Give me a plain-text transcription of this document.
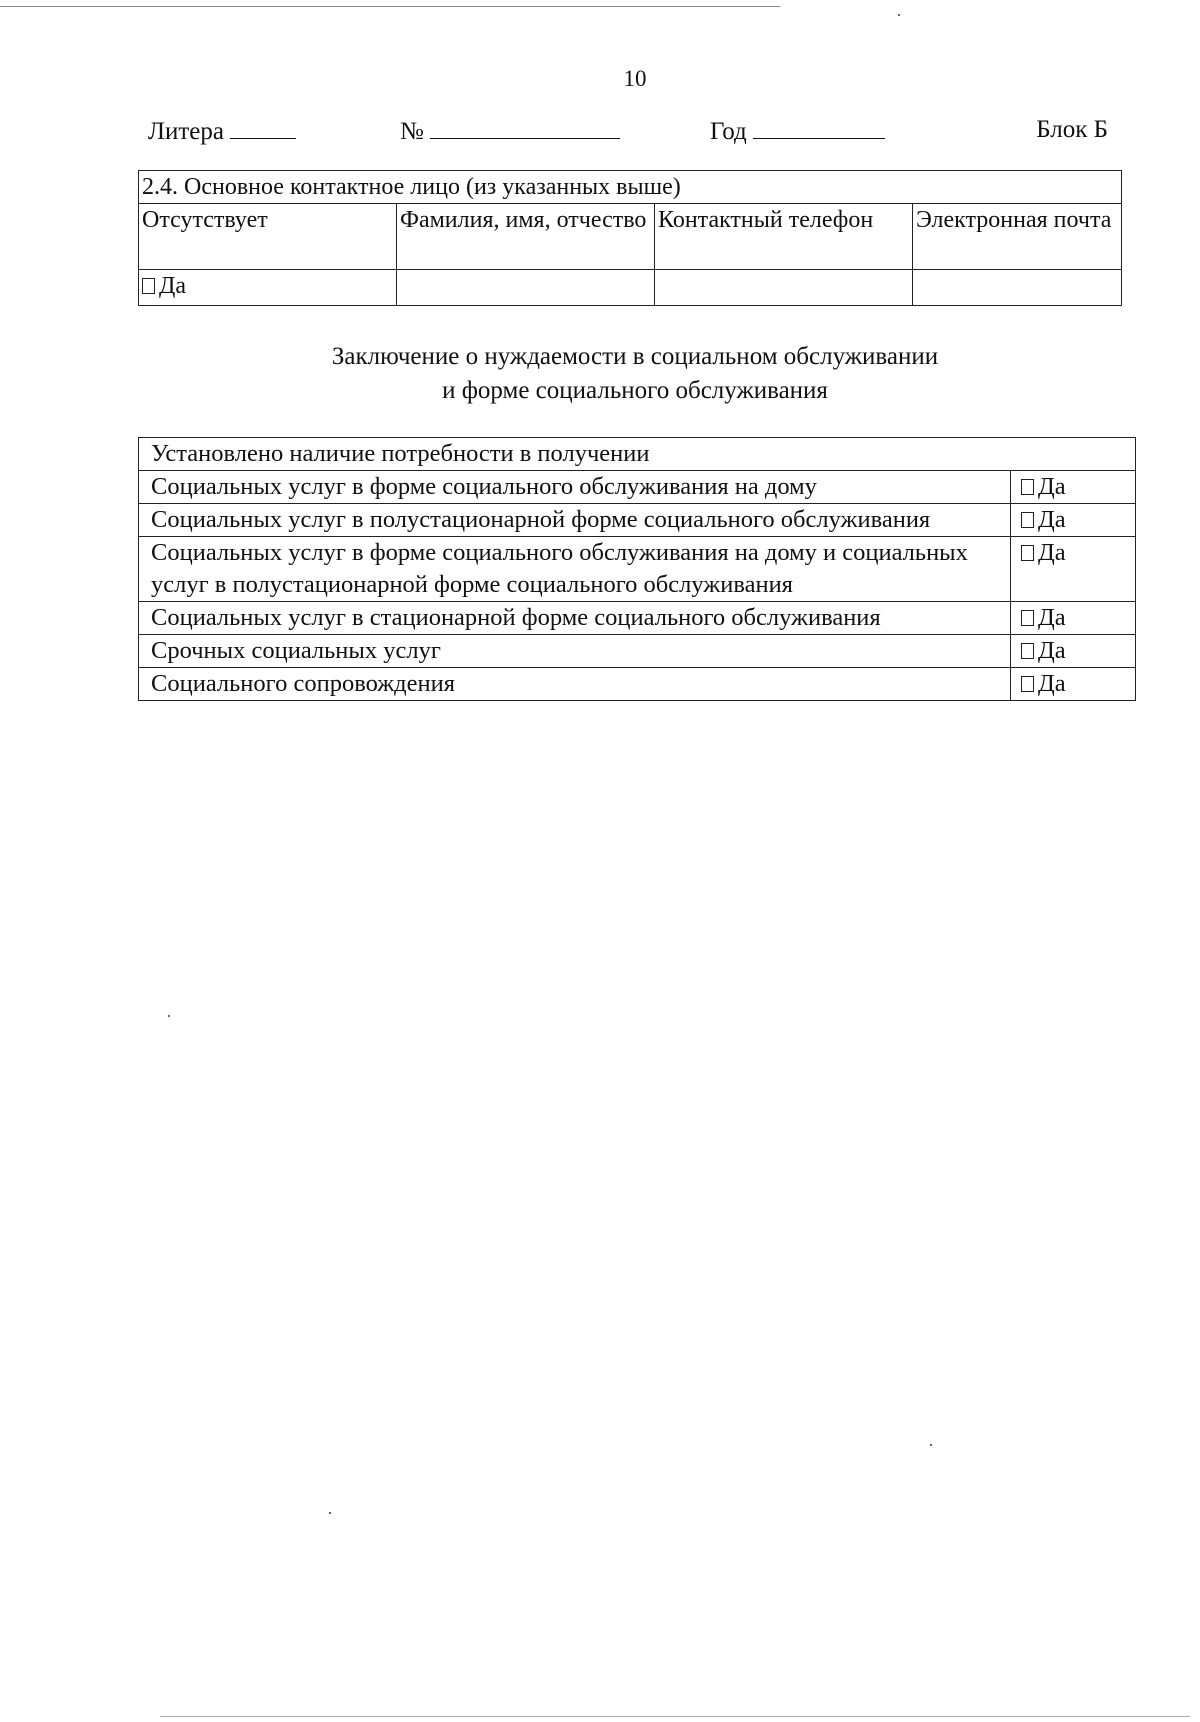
10
Литера	№	Год	Блок Б
2.4. Основное контактное лицо (из указанных выше)			
Отсутствует	Фамилия, имя, отчество	Контактный телефон	Электронная почта
Да			
Заключение о нуждаемости в социальном обслуживании
и форме социального обслуживания
Установлено наличие потребности в получении	
Социальных услуг в форме социального обслуживания на дому	Да
Социальных услуг в полустационарной форме социального обслуживания	Да
Социальных услуг в форме социального обслуживания на дому и социальных услуг в полустационарной форме социального обслуживания	Да
Социальных услуг в стационарной форме социального обслуживания	Да
Срочных социальных услуг	Да
Социального сопровождения	Да
